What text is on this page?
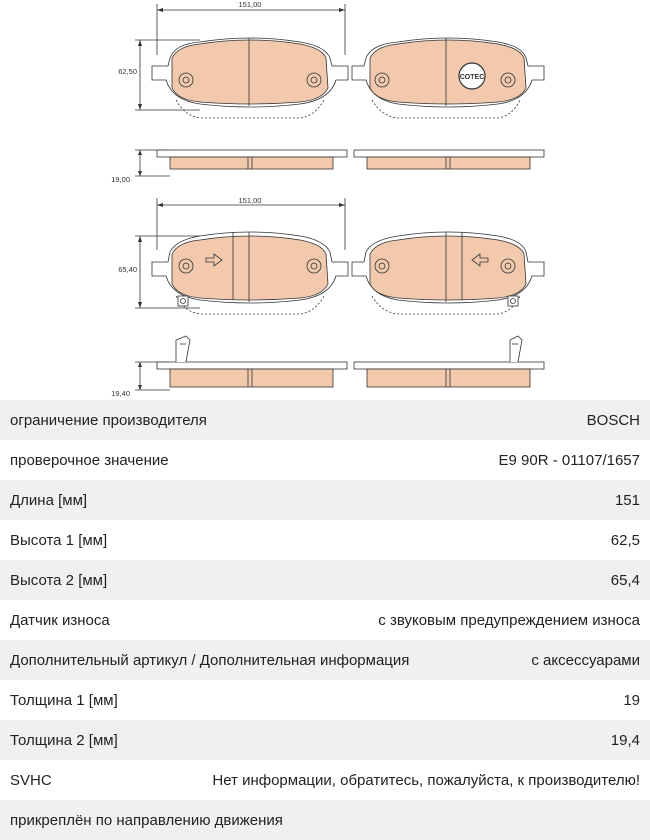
151,00
62,50
19,00
151,00
65,40
19,40
COTEC
ограничение производителя	BOSCH
проверочное значение	E9 90R - 01107/1657
Длина [мм]	151
Высота 1 [мм]	62,5
Высота 2 [мм]	65,4
Датчик износа	с звуковым предупреждением износа
Дополнительный артикул / Дополнительная информация	с аксессуарами
Толщина 1 [мм]	19
Толщина 2 [мм]	19,4
SVHC	Нет информации, обратитесь, пожалуйста, к производителю!
прикреплён по направлению движения
